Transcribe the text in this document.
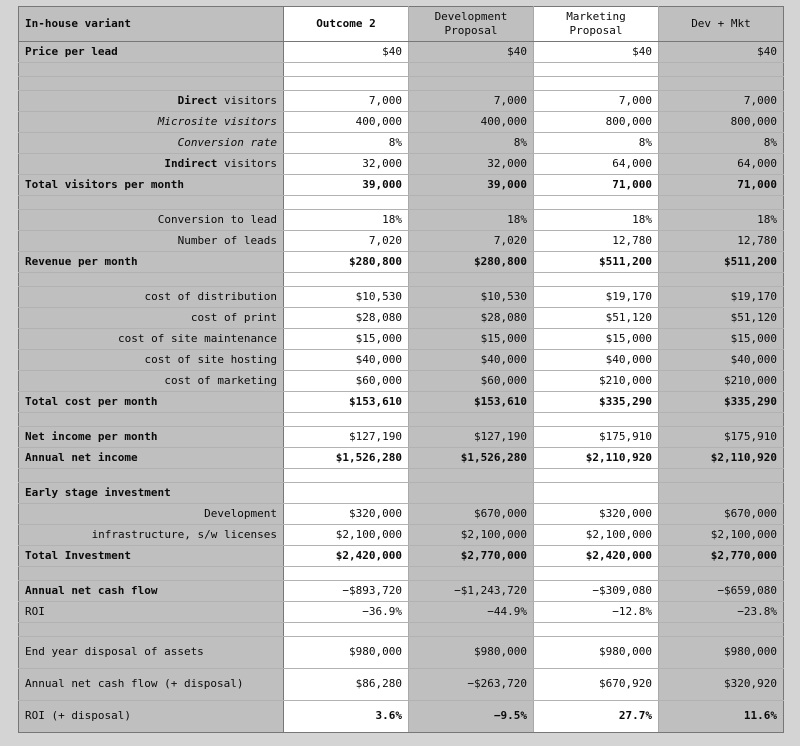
In-house variant	Outcome 2	Development Proposal	Marketing Proposal	Dev + Mkt
Price per lead	$40	$40	$40	$40

Direct visitors	7,000	7,000	7,000	7,000
Microsite visitors	400,000	400,000	800,000	800,000
Conversion rate	8%	8%	8%	8%
Indirect visitors	32,000	32,000	64,000	64,000
Total visitors per month	39,000	39,000	71,000	71,000

Conversion to lead	18%	18%	18%	18%
Number of leads	7,020	7,020	12,780	12,780
Revenue per month	$280,800	$280,800	$511,200	$511,200

cost of distribution	$10,530	$10,530	$19,170	$19,170
cost of print	$28,080	$28,080	$51,120	$51,120
cost of site maintenance	$15,000	$15,000	$15,000	$15,000
cost of site hosting	$40,000	$40,000	$40,000	$40,000
cost of marketing	$60,000	$60,000	$210,000	$210,000
Total cost per month	$153,610	$153,610	$335,290	$335,290

Net income per month	$127,190	$127,190	$175,910	$175,910
Annual net income	$1,526,280	$1,526,280	$2,110,920	$2,110,920

Early stage investment				
Development	$320,000	$670,000	$320,000	$670,000
infrastructure, s/w licenses	$2,100,000	$2,100,000	$2,100,000	$2,100,000
Total Investment	$2,420,000	$2,770,000	$2,420,000	$2,770,000

Annual net cash flow	−$893,720	−$1,243,720	−$309,080	−$659,080
ROI	−36.9%	−44.9%	−12.8%	−23.8%

End year disposal of assets	$980,000	$980,000	$980,000	$980,000
Annual net cash flow (+ disposal)	$86,280	−$263,720	$670,920	$320,920
ROI (+ disposal)	3.6%	−9.5%	27.7%	11.6%
